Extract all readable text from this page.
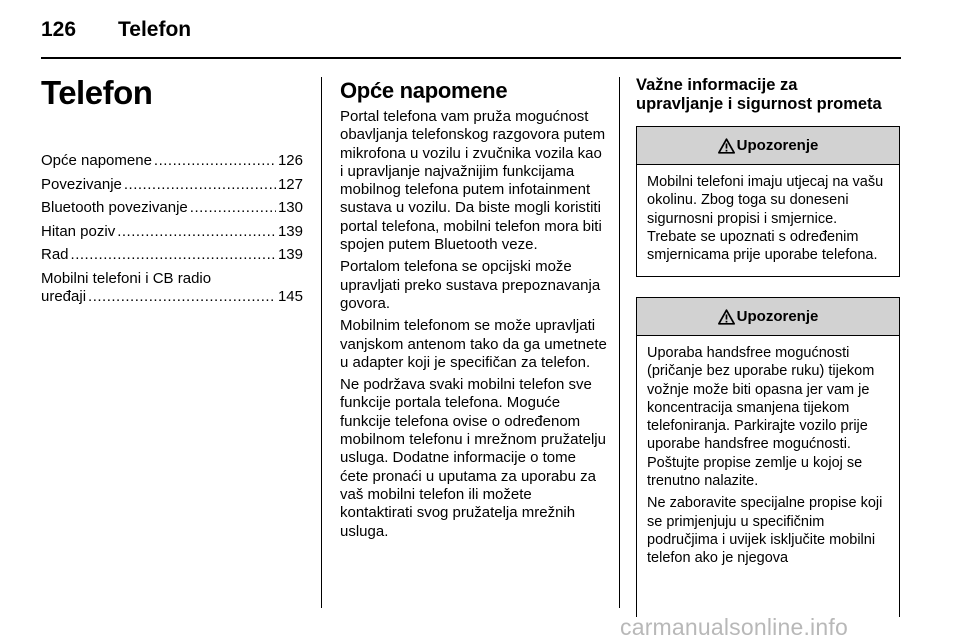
126 Telefon
Telefon
Opće napomene .....	126
Povezivanje .....	127
Bluetooth povezivanje .....	130
Hitan poziv .....	139
Rad .....	139
Mobilni telefoni i CB radio
uređaji .....	145
Opće napomene

Portal telefona vam pruža mogućnost obavljanja telefonskog razgovora putem mikrofona u vozilu i zvučnika vozila kao i upravljanje najvažnijim funkcijama mobilnog telefona putem infotainment sustava u vozilu. Da biste mogli koristiti portal telefona, mobilni telefon mora biti spojen putem Bluetooth veze.

Portalom telefona se opcijski može upravljati preko sustava prepoznavanja govora.

Mobilnim telefonom se može upravljati vanjskom antenom tako da ga umetnete u adapter koji je specifičan za telefon.

Ne podržava svaki mobilni telefon sve funkcije portala telefona. Moguće funkcije telefona ovise o određenom mobilnom telefonu i mrežnom pružatelju usluga. Dodatne informacije o tome ćete pronaći u uputama za uporabu za vaš mobilni telefon ili možete kontaktirati svog pružatelja mrežnih usluga.

Važne informacije za
upravljanje i sigurnost prometa
Upozorenje

Mobilni telefoni imaju utjecaj na vašu okolinu. Zbog toga su doneseni sigurnosni propisi i smjernice. Trebate se upoznati s određenim smjernicama prije uporabe telefona.

Upozorenje

Uporaba handsfree mogućnosti (pričanje bez uporabe ruku) tijekom vožnje može biti opasna jer vam je koncentracija smanjena tijekom telefoniranja. Parkirajte vozilo prije uporabe handsfree mogućnosti. Poštujte propise zemlje u kojoj se trenutno nalazite.

Ne zaboravite specijalne propise koji se primjenjuju u specifičnim područjima i uvijek isključite mobilni telefon ako je njegova

carmanualsonline.info
